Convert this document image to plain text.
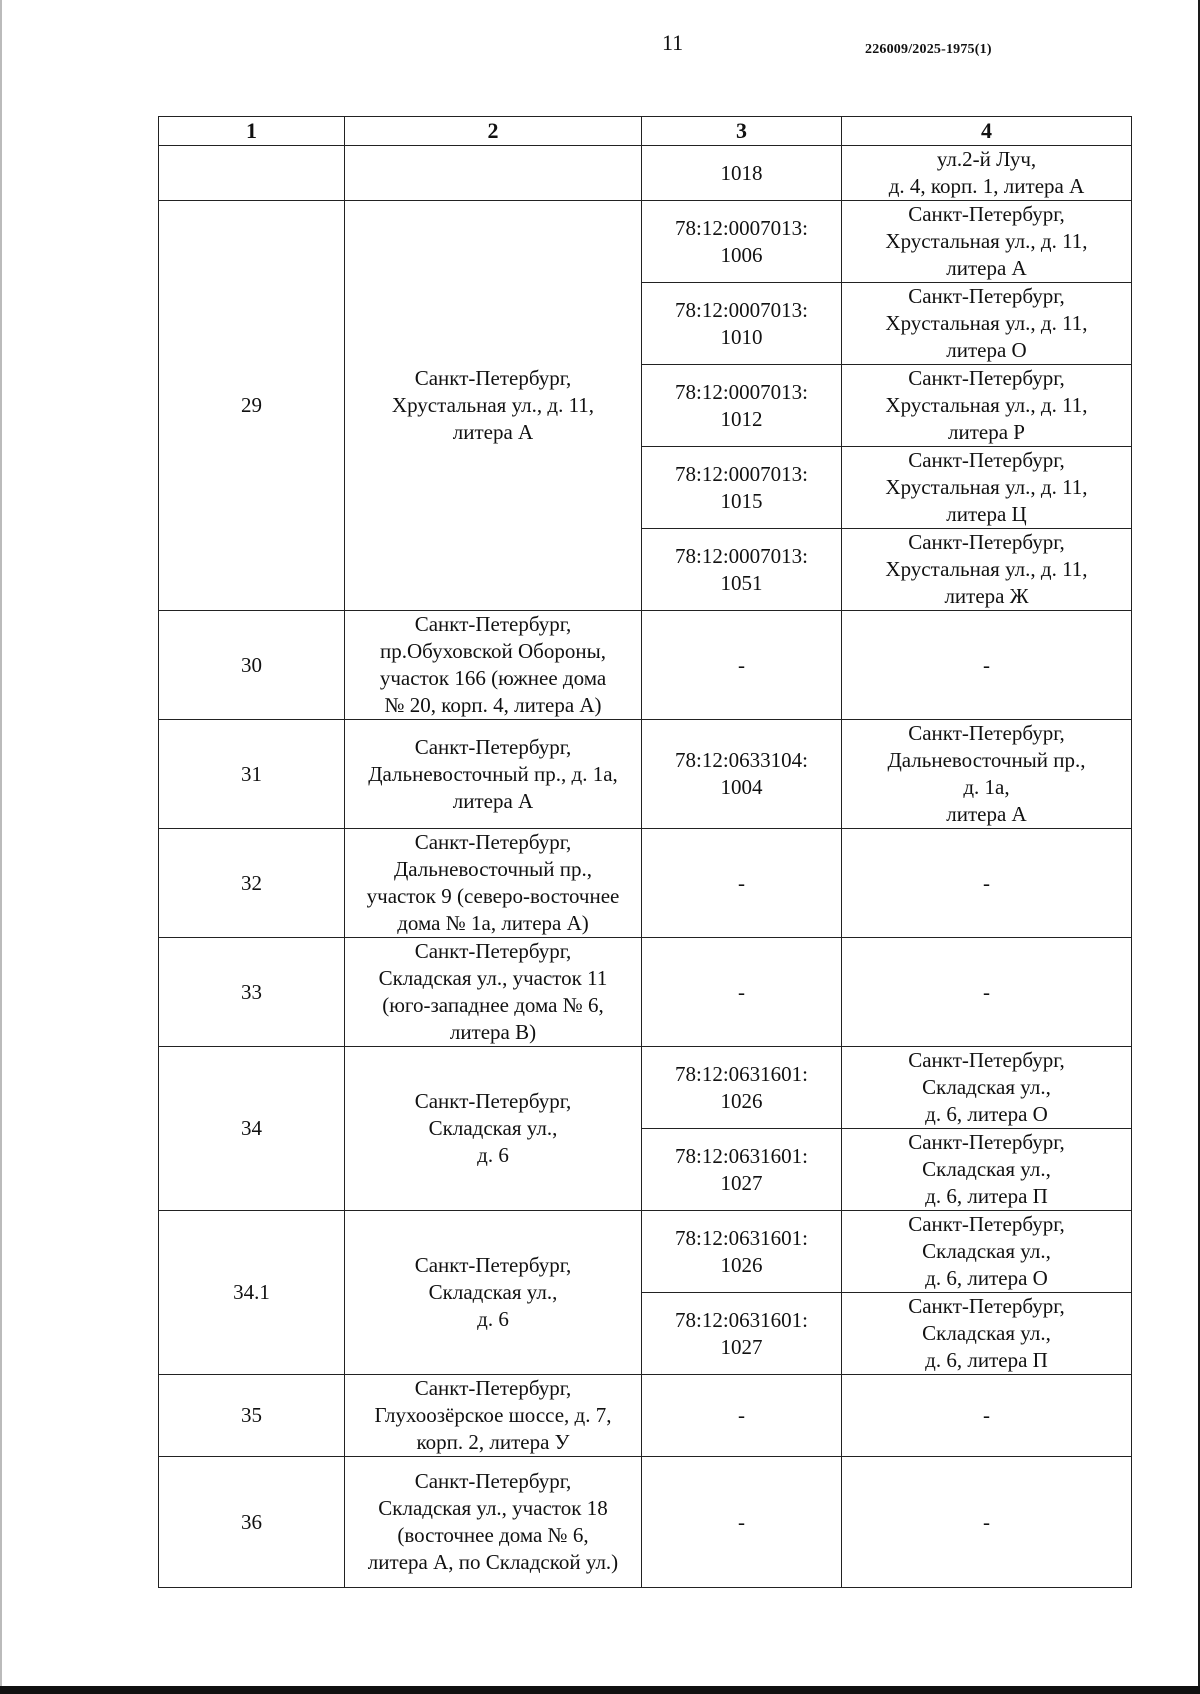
11	226009/2025-1975(1)
1	2	3	4
		1018	ул.2-й Луч,
д. 4, корп. 1, литера А
29	Санкт-Петербург,
Хрустальная ул., д. 11,
литера А	78:12:0007013:
1006	Санкт-Петербург,
Хрустальная ул., д. 11,
литера А
		78:12:0007013:
1010	Санкт-Петербург,
Хрустальная ул., д. 11,
литера О
		78:12:0007013:
1012	Санкт-Петербург,
Хрустальная ул., д. 11,
литера Р
		78:12:0007013:
1015	Санкт-Петербург,
Хрустальная ул., д. 11,
литера Ц
		78:12:0007013:
1051	Санкт-Петербург,
Хрустальная ул., д. 11,
литера Ж
30	Санкт-Петербург,
пр.Обуховской Обороны,
участок 166 (южнее дома
№ 20, корп. 4, литера А)	-	-
31	Санкт-Петербург,
Дальневосточный пр., д. 1а,
литера А	78:12:0633104:
1004	Санкт-Петербург,
Дальневосточный пр.,
д. 1а,
литера А
32	Санкт-Петербург,
Дальневосточный пр.,
участок 9 (северо-восточнее
дома № 1а, литера А)	-	-
33	Санкт-Петербург,
Складская ул., участок 11
(юго-западнее дома № 6,
литера В)	-	-
34	Санкт-Петербург,
Складская ул.,
д. 6	78:12:0631601:
1026	Санкт-Петербург,
Складская ул.,
д. 6, литера О
		78:12:0631601:
1027	Санкт-Петербург,
Складская ул.,
д. 6, литера П
34.1	Санкт-Петербург,
Складская ул.,
д. 6	78:12:0631601:
1026	Санкт-Петербург,
Складская ул.,
д. 6, литера О
		78:12:0631601:
1027	Санкт-Петербург,
Складская ул.,
д. 6, литера П
35	Санкт-Петербург,
Глухоозёрское шоссе, д. 7,
корп. 2, литера У	-	-
36	Санкт-Петербург,
Складская ул., участок 18
(восточнее дома № 6,
литера А, по Складской ул.)	-	-
